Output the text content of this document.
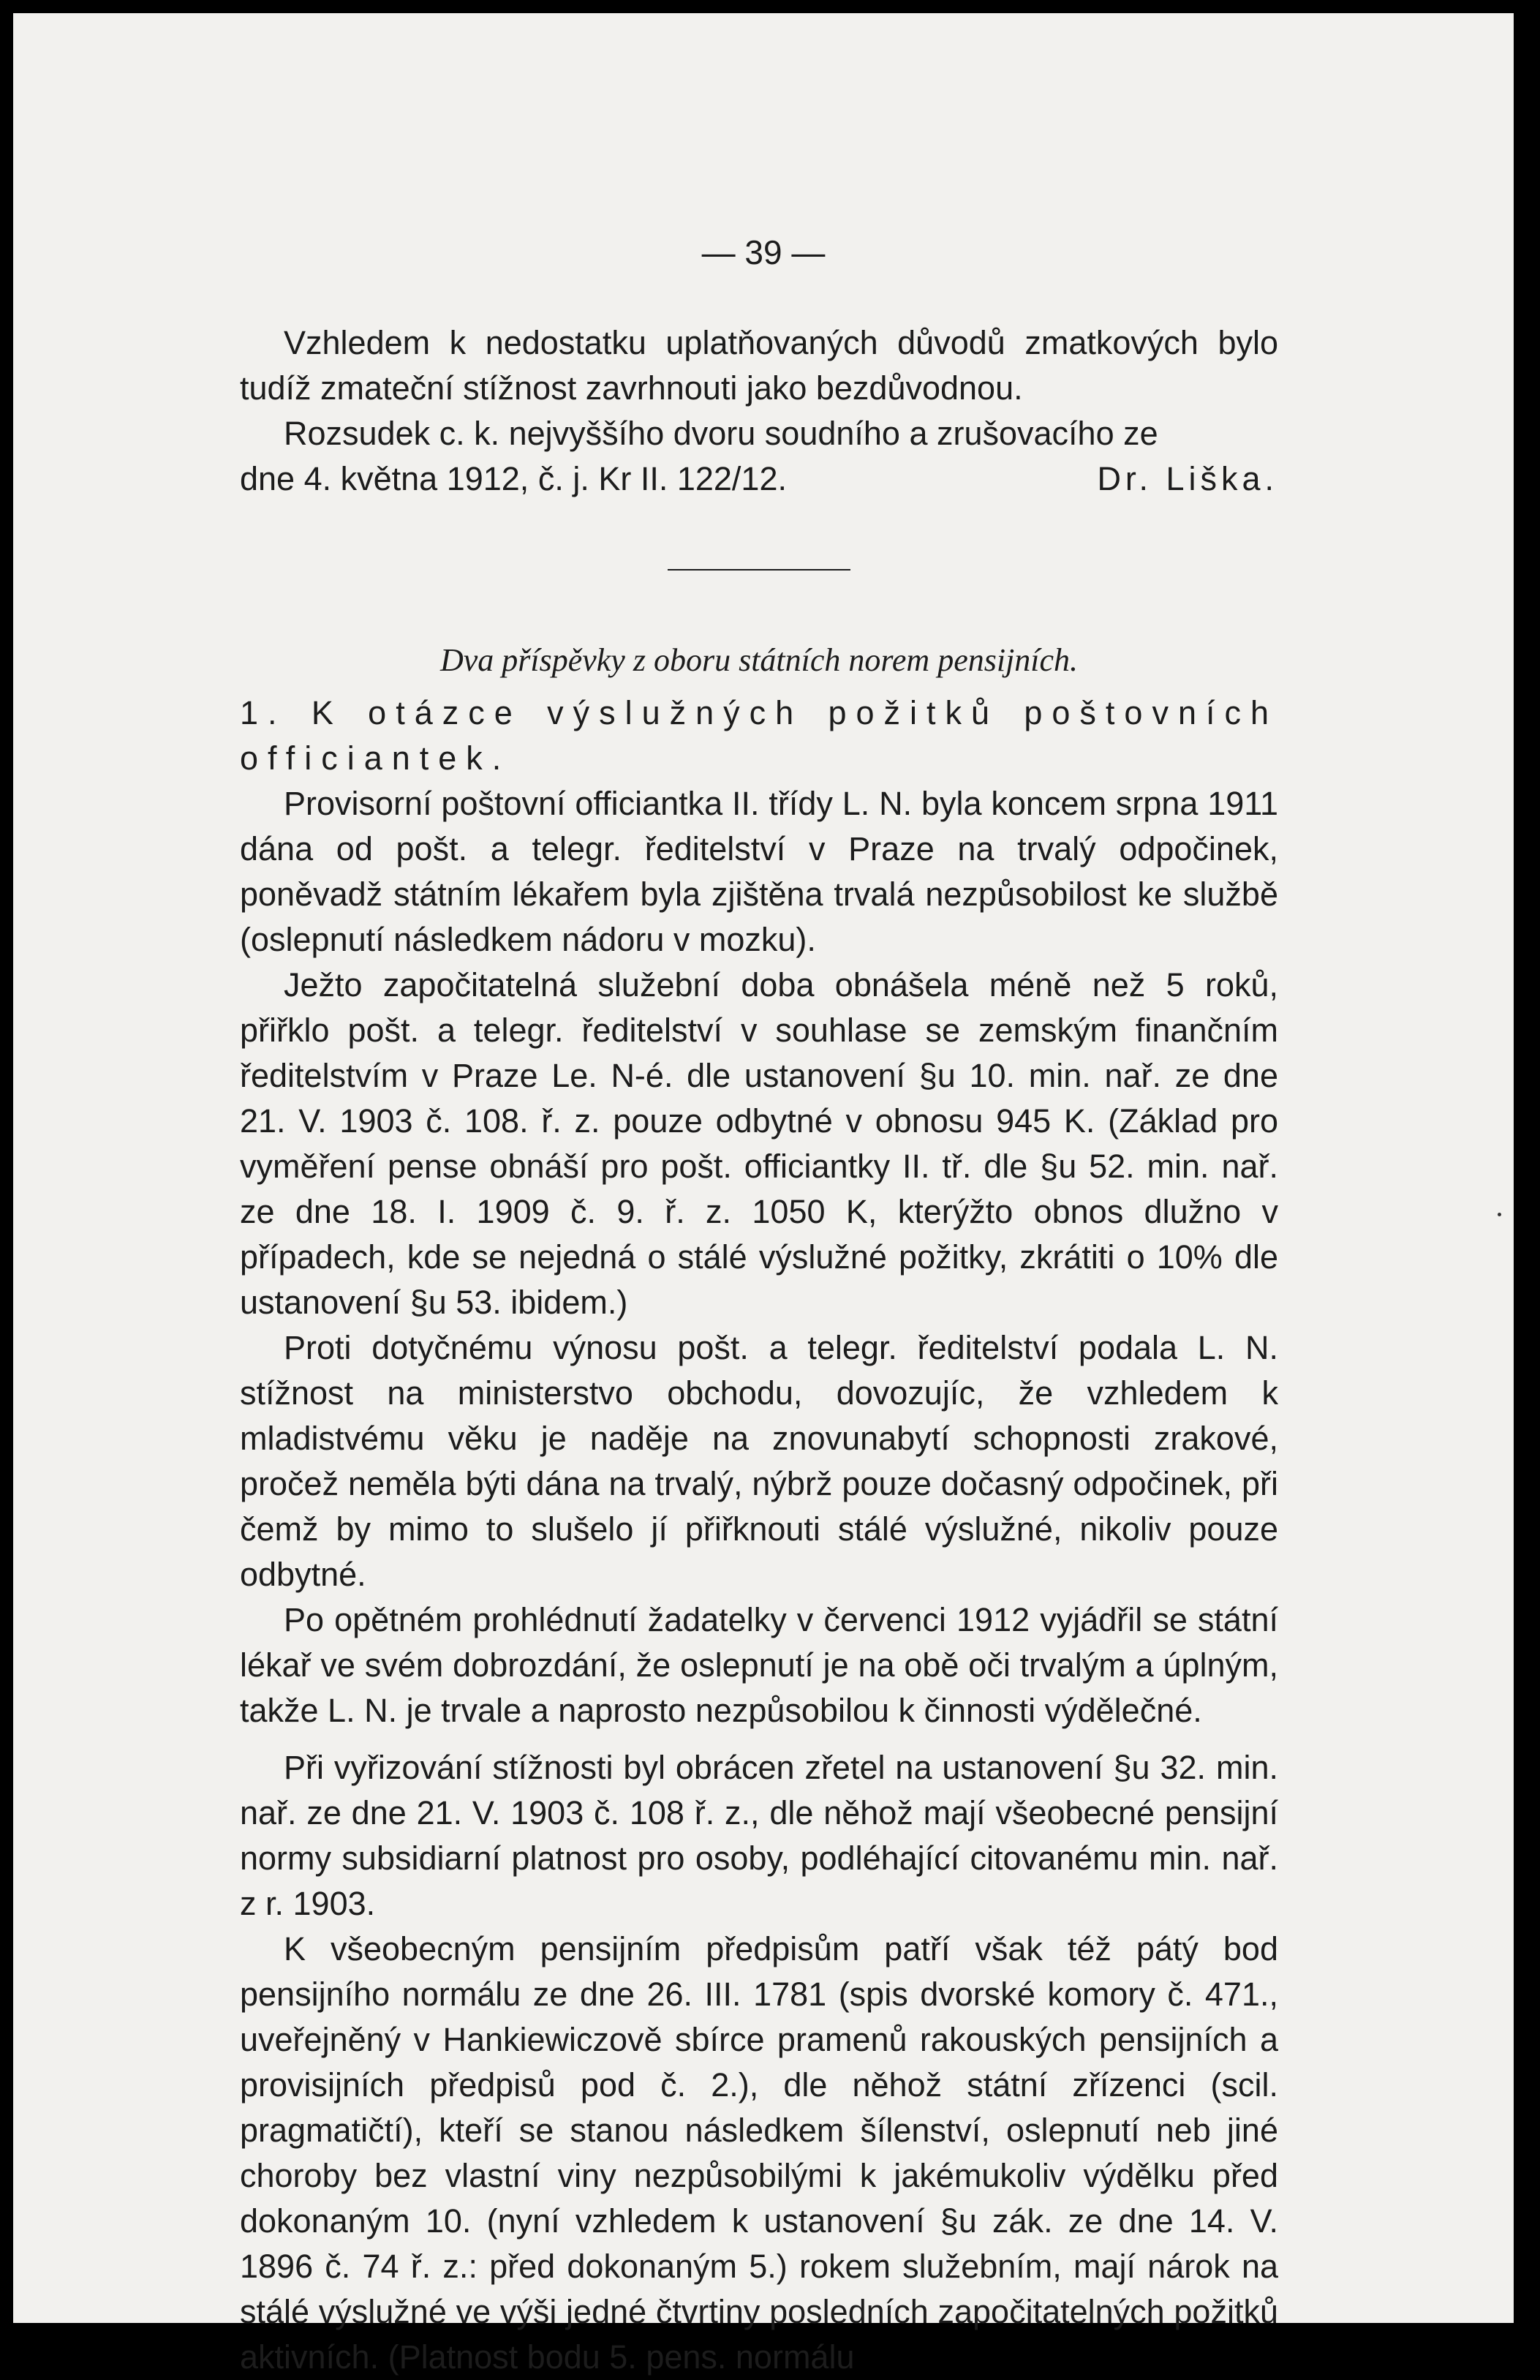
— 39 —

Vzhledem k nedostatku uplatňovaných důvodů zmatkových bylo tudíž zmateční stížnost zavrhnouti jako bezdůvodnou.

Rozsudek c. k. nejvyššího dvoru soudního a zrušovacího ze

dne 4. května 1912, č. j. Kr II. 122/12.	Dr. Liška.
Dva příspěvky z oboru státních norem pensijních.

1. K otázce výslužných požitků poštovních officiantek.

Provisorní poštovní officiantka II. třídy L. N. byla koncem srpna 1911 dána od pošt. a telegr. ředitelství v Praze na trvalý odpočinek, poněvadž státním lékařem byla zjištěna trvalá nezpůsobilost ke službě (oslepnutí následkem nádoru v mozku).

Ježto započitatelná služební doba obnášela méně než 5 roků, přiřklo pošt. a telegr. ředitelství v souhlase se zemským finančním ředitelstvím v Praze Le. N-é. dle ustanovení §u 10. min. nař. ze dne 21. V. 1903 č. 108. ř. z. pouze odbytné v obnosu 945 K. (Základ pro vyměření pense obnáší pro pošt. officiantky II. tř. dle §u 52. min. nař. ze dne 18. I. 1909 č. 9. ř. z. 1050 K, kterýžto obnos dlužno v případech, kde se nejedná o stálé výslužné požitky, zkrátiti o 10% dle ustanovení §u 53. ibidem.)

Proti dotyčnému výnosu pošt. a telegr. ředitelství podala L. N. stížnost na ministerstvo obchodu, dovozujíc, že vzhledem k mladistvému věku je naděje na znovunabytí schopnosti zrakové, pročež neměla býti dána na trvalý, nýbrž pouze dočasný odpočinek, při čemž by mimo to slušelo jí přiřknouti stálé výslužné, nikoliv pouze odbytné.

Po opětném prohlédnutí žadatelky v červenci 1912 vyjádřil se státní lékař ve svém dobrozdání, že oslepnutí je na obě oči trvalým a úplným, takže L. N. je trvale a naprosto nezpůsobilou k činnosti výdělečné.

Při vyřizování stížnosti byl obrácen zřetel na ustanovení §u 32. min. nař. ze dne 21. V. 1903 č. 108 ř. z., dle něhož mají všeobecné pensijní normy subsidiarní platnost pro osoby, podléhající citovanému min. nař. z r. 1903.

K všeobecným pensijním předpisům patří však též pátý bod pensijního normálu ze dne 26. III. 1781 (spis dvorské komory č. 471., uveřejněný v Hankiewiczově sbírce pramenů rakouských pensijních a provisijních předpisů pod č. 2.), dle něhož státní zřízenci (scil. pragmatičtí), kteří se stanou následkem šílenství, oslepnutí neb jiné choroby bez vlastní viny nezpůsobilými k jakémukoliv výdělku před dokonaným 10. (nyní vzhledem k ustanovení §u zák. ze dne 14. V. 1896 č. 74 ř. z.: před dokonaným 5.) rokem služebním, mají nárok na stálé výslužné ve výši jedné čtvrtiny posledních započitatelných požitků aktivních. (Platnost bodu 5. pens. normálu
